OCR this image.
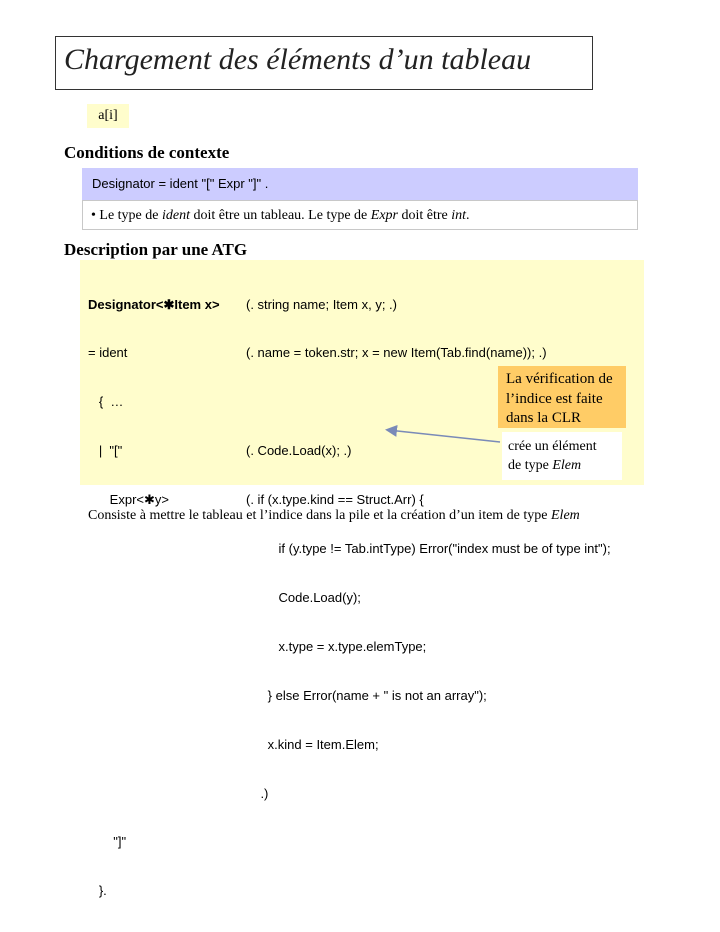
Chargement des éléments d’un tableau
a[i]
Conditions de contexte
Designator = ident "[" Expr "]" .
• Le type de ident doit être un tableau. Le type de Expr doit être int.
Description par une ATG

Designator<✱Item x>

= ident

{  …

|  "["

Expr<✱y>

"]"

}.

(. string name; Item x, y; .)

(. name = token.str; x = new Item(Tab.find(name)); .)

(. Code.Load(x); .)

(. if (x.type.kind == Struct.Arr) {

if (y.type != Tab.intType) Error("index must be of type int");

Code.Load(y);

x.type = x.type.elemType;

} else Error(name + " is not an array");

x.kind = Item.Elem;

.)

La vérification de
l’indice est faite
dans la CLR
crée un élément
de type Elem
Consiste à mettre le tableau et l’indice dans la pile et la création d’un item de type Elem
